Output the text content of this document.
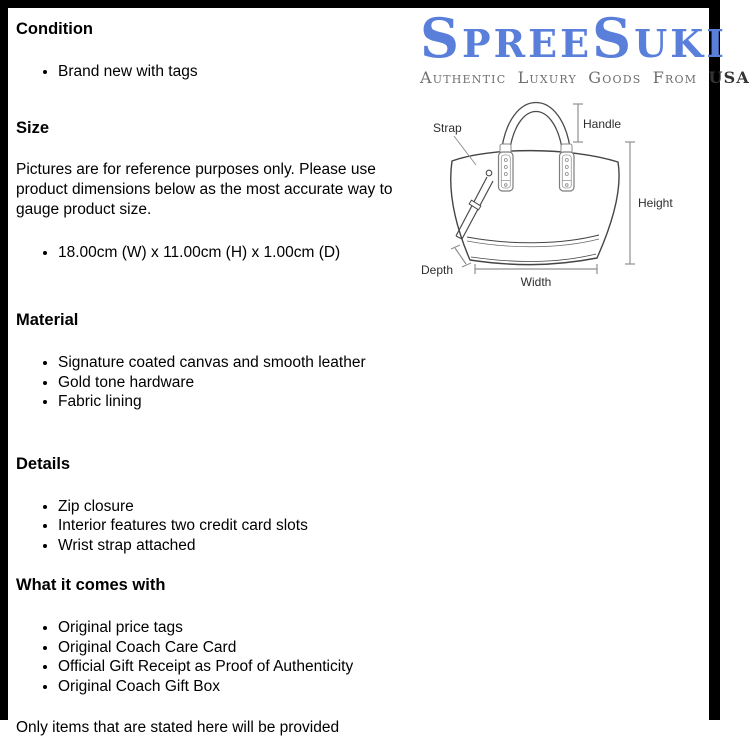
Condition
• Brand new with tags
Size

Pictures are for reference purposes only. Please use product dimensions below as the most accurate way to gauge product size.

• 18.00cm (W) x 11.00cm (H) x 1.00cm (D)
Material
• Signature coated canvas and smooth leather
• Gold tone hardware
• Fabric lining
Details
• Zip closure
• Interior features two credit card slots
• Wrist strap attached
What it comes with
• Original price tags
• Original Coach Care Card
• Official Gift Receipt as Proof of Authenticity
• Original Coach Gift Box

Only items that are stated here will be provided

SpreeSuki
Authentic Luxury Goods From USA
Strap	Handle
Height
Width
Depth
